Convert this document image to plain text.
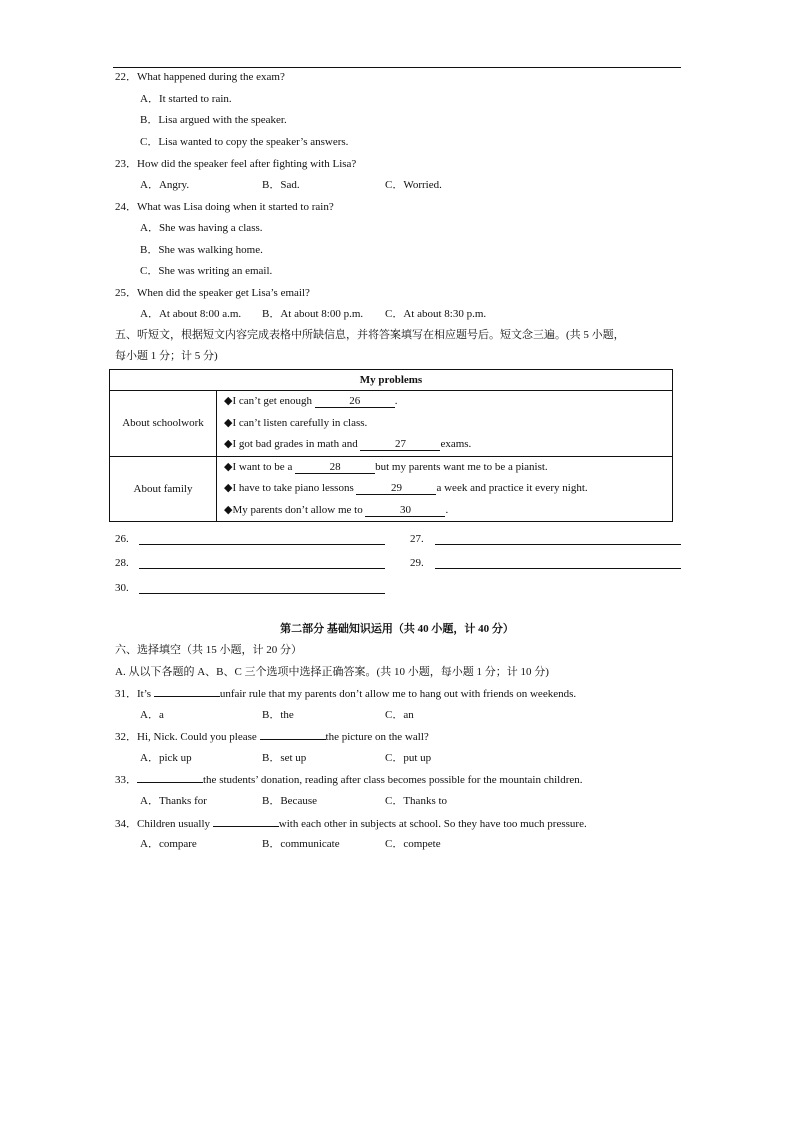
22．What happened during the exam?
A．It started to rain.
B．Lisa argued with the speaker.
C．Lisa wanted to copy the speaker’s answers.
23．How did the speaker feel after fighting with Lisa?
A．Angry.	B．Sad.	C．Worried.
24．What was Lisa doing when it started to rain?
A．She was having a class.
B．She was walking home.
C．She was writing an email.
25．When did the speaker get Lisa’s email?
A．At about 8:00 a.m. B．At about 8:00 p.m. C．At about 8:30 p.m.
五、听短文，根据短文内容完成表格中所缺信息，并将答案填写在相应题号后。短文念三遍。(共 5 小题，
每小题 1 分；计 5 分)
My problems	
About schoolwork	◆I can’t get enough 26 .
◆I can’t listen carefully in class.
◆I got bad grades in math and 27 exams.

About family	◆I want to be a 28 but my parents want me to be a pianist.
◆I have to take piano lessons 29 a week and practice it every night.
◆My parents don’t allow me to 30 .
26.	27.
28.	29.
30.
第二部分 基础知识运用（共 40 小题，计 40 分）
六、选择填空（共 15 小题，计 20 分）
A. 从以下各题的 A、B、C 三个选项中选择正确答案。(共 10 小题，每小题 1 分；计 10 分)
31．It’s	unfair rule that my parents don’t allow me to hang out with friends on weekends.
A．a	B．the	C．an
32．Hi, Nick. Could you please	the picture on the wall?
A．pick up	B．set up	C．put up
33．	the students’ donation, reading after class becomes possible for the mountain children.
A．Thanks for	B．Because	C．Thanks to
34．Children usually	with each other in subjects at school. So they have too much pressure.
A．compare	B．communicate	C．compete
